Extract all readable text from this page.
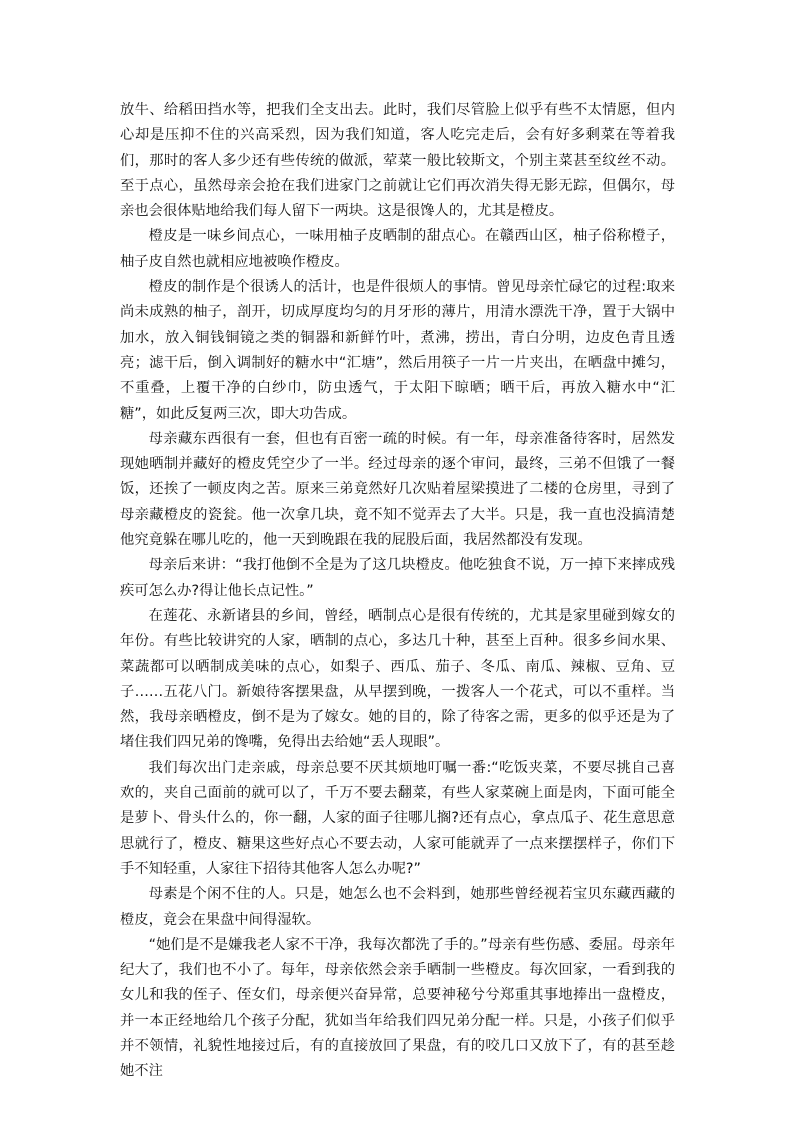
放牛、给稻田挡水等，把我们全支出去。此时，我们尽管脸上似乎有些不太情愿，但内心却是压抑不住的兴高采烈，因为我们知道，客人吃完走后，会有好多剩菜在等着我们，那时的客人多少还有些传统的做派，荤菜一般比较斯文，个别主菜甚至纹丝不动。至于点心，虽然母亲会抢在我们进家门之前就让它们再次消失得无影无踪，但偶尔，母亲也会很体贴地给我们每人留下一两块。这是很馋人的，尤其是橙皮。

橙皮是一味乡间点心，一味用柚子皮晒制的甜点心。在赣西山区，柚子俗称橙子，柚子皮自然也就相应地被唤作橙皮。

橙皮的制作是个很诱人的活计，也是件很烦人的事情。曾见母亲忙碌它的过程:取来尚未成熟的柚子，剖开，切成厚度均匀的月牙形的薄片，用清水漂洗干净，置于大锅中加水，放入铜钱铜镜之类的铜器和新鲜竹叶，煮沸，捞出，青白分明，边皮色青且透亮；滤干后，倒入调制好的糖水中“汇塘”，然后用筷子一片一片夹出，在晒盘中摊匀，不重叠，上覆干净的白纱巾，防虫透气，于太阳下晾晒；晒干后，再放入糖水中“汇糖”，如此反复两三次，即大功告成。

母亲藏东西很有一套，但也有百密一疏的时候。有一年，母亲准备待客时，居然发现她晒制并藏好的橙皮凭空少了一半。经过母亲的逐个审问，最终，三弟不但饿了一餐饭，还挨了一顿皮肉之苦。原来三弟竟然好几次贴着屋梁摸进了二楼的仓房里，寻到了母亲藏橙皮的瓷瓮。他一次拿几块，竟不知不觉弄去了大半。只是，我一直也没搞清楚他究竟躲在哪儿吃的，他一天到晚跟在我的屁股后面，我居然都没有发现。

母亲后来讲：“我打他倒不全是为了这几块橙皮。他吃独食不说，万一掉下来摔成残疾可怎么办?得让他长点记性。”

在莲花、永新诸县的乡间，曾经，晒制点心是很有传统的，尤其是家里碰到嫁女的年份。有些比较讲究的人家，晒制的点心，多达几十种，甚至上百种。很多乡间水果、菜蔬都可以晒制成美味的点心，如梨子、西瓜、茄子、冬瓜、南瓜、辣椒、豆角、豆子……五花八门。新娘待客摆果盘，从早摆到晚，一拨客人一个花式，可以不重样。当然，我母亲晒橙皮，倒不是为了嫁女。她的目的，除了待客之需，更多的似乎还是为了堵住我们四兄弟的馋嘴，免得出去给她“丢人现眼”。

我们每次出门走亲戚，母亲总要不厌其烦地叮嘱一番:“吃饭夹菜，不要尽挑自己喜欢的，夹自己面前的就可以了，千万不要去翻菜，有些人家菜碗上面是肉，下面可能全是萝卜、骨头什么的，你一翻，人家的面子往哪儿搁?还有点心，拿点瓜子、花生意思意思就行了，橙皮、糖果这些好点心不要去动，人家可能就弄了一点来摆摆样子，你们下手不知轻重，人家往下招待其他客人怎么办呢?”

母素是个闲不住的人。只是，她怎么也不会料到，她那些曾经视若宝贝东藏西藏的橙皮，竟会在果盘中间得湿软。

“她们是不是嫌我老人家不干净，我每次都洗了手的。”母亲有些伤感、委屈。母亲年纪大了，我们也不小了。每年，母亲依然会亲手晒制一些橙皮。每次回家，一看到我的女儿和我的侄子、侄女们，母亲便兴奋异常，总要神秘兮兮郑重其事地捧出一盘橙皮，并一本正经地给几个孩子分配，犹如当年给我们四兄弟分配一样。只是，小孩子们似乎并不领情，礼貌性地接过后，有的直接放回了果盘，有的咬几口又放下了，有的甚至趁她不注
